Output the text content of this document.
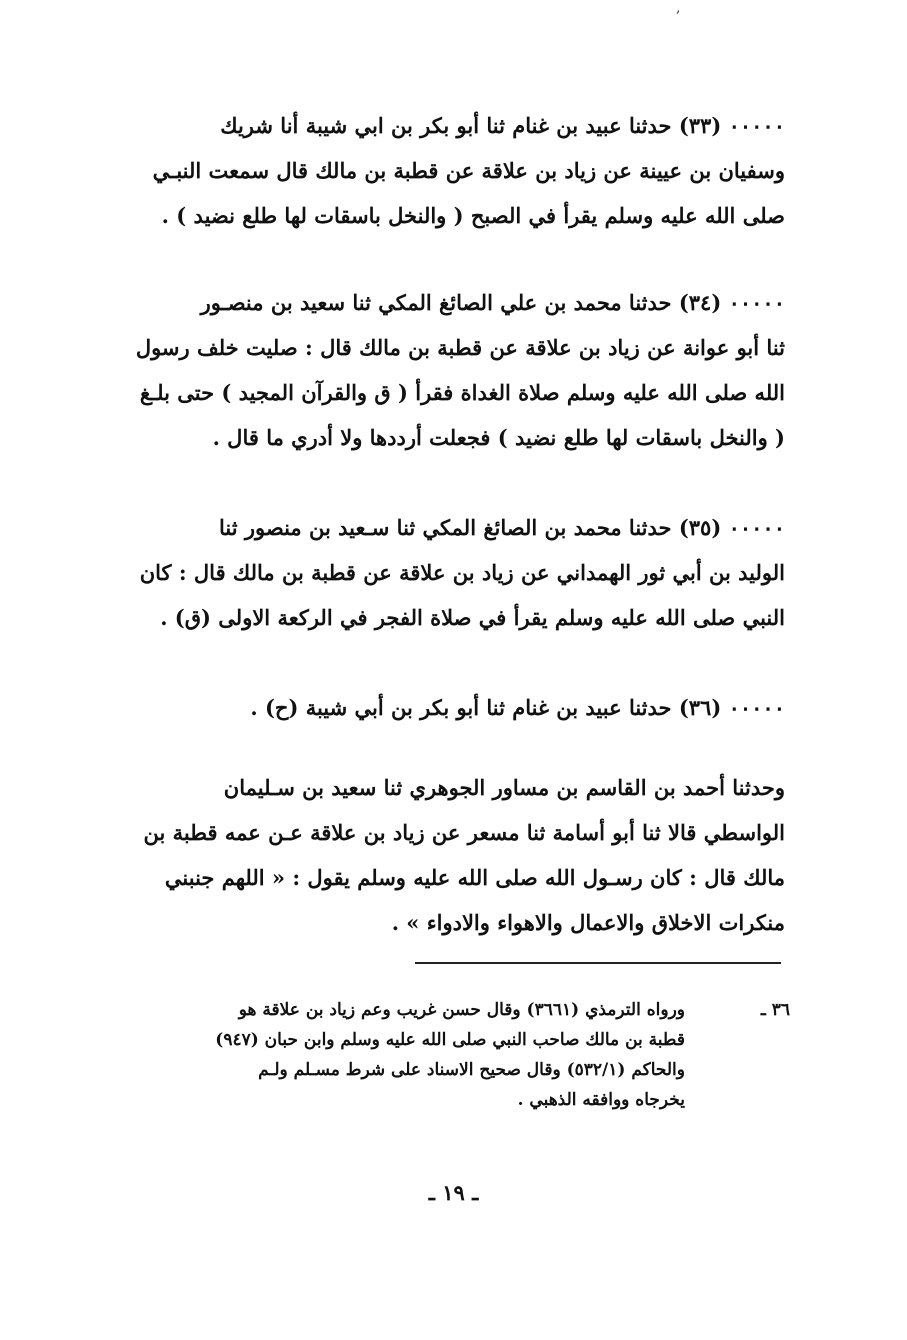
,
٠٠٠٠٠ (٣٣) حدثنا عبيد بن غنام ثنا أبو بكر بن ابي شيبة أنا شريك
وسفيان بن عيينة عن زياد بن علاقة عن قطبة بن مالك قال سمعت النبـي
صلى الله عليه وسلم يقرأ في الصبح ( والنخل باسقات لها طلع نضيد ) .
٠٠٠٠٠ (٣٤) حدثنا محمد بن علي الصائغ المكي ثنا سعيد بن منصـور
ثنا أبو عوانة عن زياد بن علاقة عن قطبة بن مالك قال : صليت خلف رسول
الله صلى الله عليه وسلم صلاة الغداة فقرأ ( ق والقرآن المجيد ) حتى بلـغ
( والنخل باسقات لها طلع نضيد ) فجعلت أرددها ولا أدري ما قال .
٠٠٠٠٠ (٣٥) حدثنا محمد بن الصائغ المكي ثنا سـعيد بن منصور ثنا
الوليد بن أبي ثور الهمداني عن زياد بن علاقة عن قطبة بن مالك قال : كان
النبي صلى الله عليه وسلم يقرأ في صلاة الفجر في الركعة الاولى (ق) .
٠٠٠٠٠ (٣٦) حدثنا عبيد بن غنام ثنا أبو بكر بن أبي شيبة (ح) .
وحدثنا أحمد بن القاسم بن مساور الجوهري ثنا سعيد بن سـليمان
الواسطي قالا ثنا أبو أسامة ثنا مسعر عن زياد بن علاقة عـن عمه قطبة بن
مالك قال : كان رسـول الله صلى الله عليه وسلم يقول : « اللهم جنبني
منكرات الاخلاق والاعمال والاهواء والادواء » .
٣٦ ـ
ورواه الترمذي (٣٦٦١) وقال حسن غريب وعم زياد بن علاقة هو
قطبة بن مالك صاحب النبي صلى الله عليه وسلم وابن حبان (٩٤٧)
والحاكم (٥٣٢/١) وقال صحيح الاسناد على شرط مسـلم ولـم
يخرجاه ووافقه الذهبي .
ـ ١٩ ـ
